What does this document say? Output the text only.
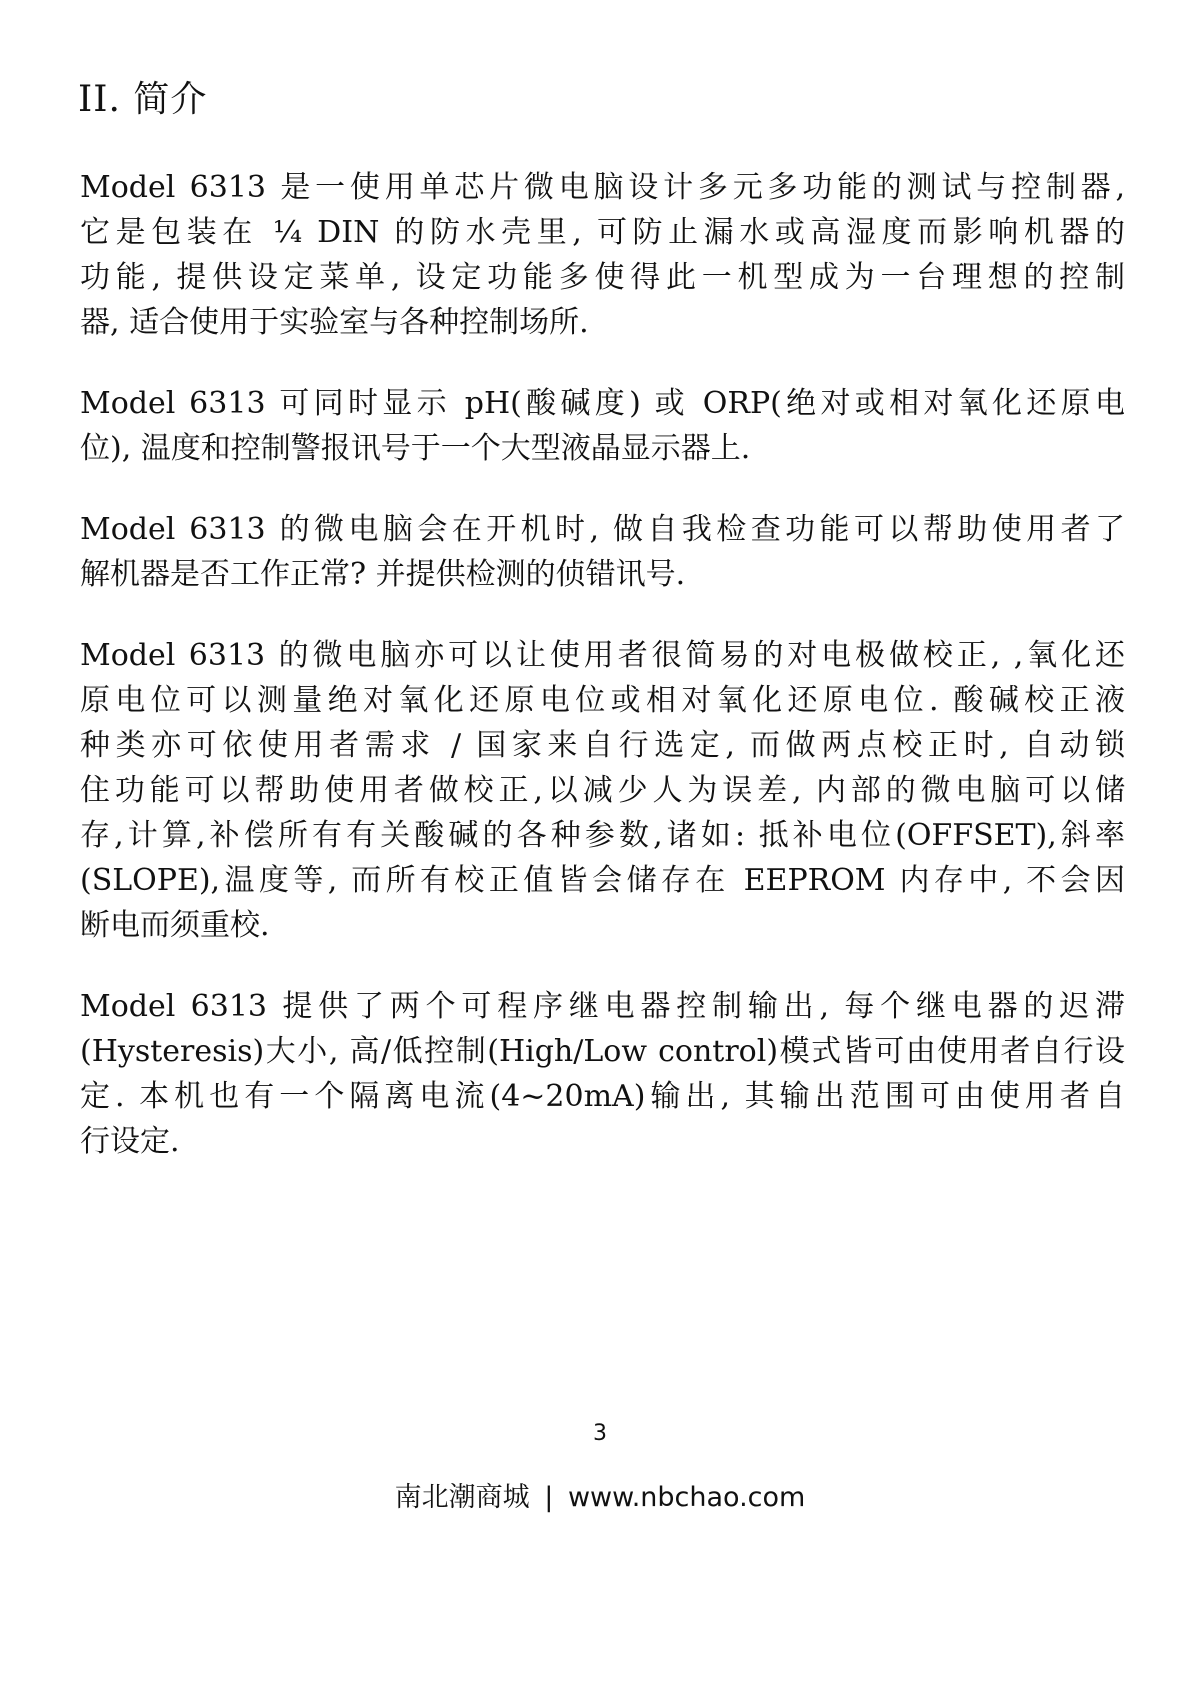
II. 简介

Model 6313 是一使用单芯片微电脑设计多元多功能的测试与控制器,
它是包装在 ¼ DIN 的防水壳里, 可防止漏水或高湿度而影响机器的
功能, 提供设定菜单, 设定功能多使得此一机型成为一台理想的控制
器, 适合使用于实验室与各种控制场所.

Model 6313 可同时显示 pH(酸碱度) 或 ORP(绝对或相对氧化还原电
位), 温度和控制警报讯号于一个大型液晶显示器上.

Model 6313 的微电脑会在开机时, 做自我检查功能可以帮助使用者了
解机器是否工作正常? 并提供检测的侦错讯号.

Model 6313 的微电脑亦可以让使用者很简易的对电极做校正, ,氧化还
原电位可以测量绝对氧化还原电位或相对氧化还原电位. 酸碱校正液
种类亦可依使用者需求 / 国家来自行选定, 而做两点校正时, 自动锁
住功能可以帮助使用者做校正,以减少人为误差, 内部的微电脑可以储
存,计算,补偿所有有关酸碱的各种参数,诸如: 抵补电位(OFFSET),斜率
(SLOPE),温度等, 而所有校正值皆会储存在 EEPROM 内存中, 不会因
断电而须重校.

Model 6313 提供了两个可程序继电器控制输出, 每个继电器的迟滞
(Hysteresis)大小, 高/低控制(High/Low control)模式皆可由使用者自行设
定. 本机也有一个隔离电流(4~20mA)输出, 其输出范围可由使用者自
行设定.

3
南北潮商城 | www.nbchao.com
